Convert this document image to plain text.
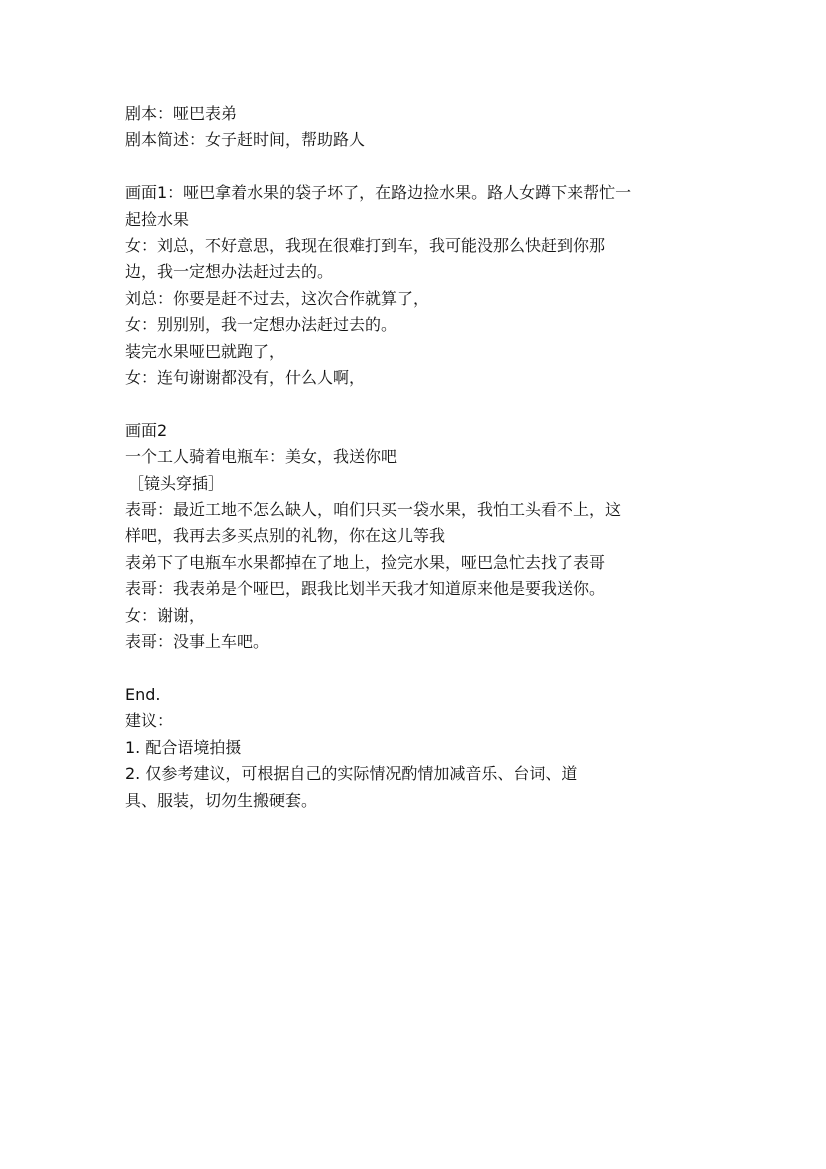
剧本：哑巴表弟
剧本简述：女子赶时间，帮助路人
画面1：哑巴拿着水果的袋子坏了，在路边捡水果。路人女蹲下来帮忙一
起捡水果
女：刘总，不好意思，我现在很难打到车，我可能没那么快赶到你那
边，我一定想办法赶过去的。
刘总：你要是赶不过去，这次合作就算了，
女：别别别，我一定想办法赶过去的。
装完水果哑巴就跑了，
女：连句谢谢都没有，什么人啊，
画面2
一个工人骑着电瓶车：美女，我送你吧
［镜头穿插］
表哥：最近工地不怎么缺人，咱们只买一袋水果，我怕工头看不上，这
样吧，我再去多买点别的礼物，你在这儿等我
表弟下了电瓶车水果都掉在了地上，捡完水果，哑巴急忙去找了表哥
表哥：我表弟是个哑巴，跟我比划半天我才知道原来他是要我送你。
女：谢谢，
表哥：没事上车吧。
End.
建议：
1. 配合语境拍摄
2. 仅参考建议，可根据自己的实际情况酌情加减音乐、台词、道
具、服装，切勿生搬硬套。
